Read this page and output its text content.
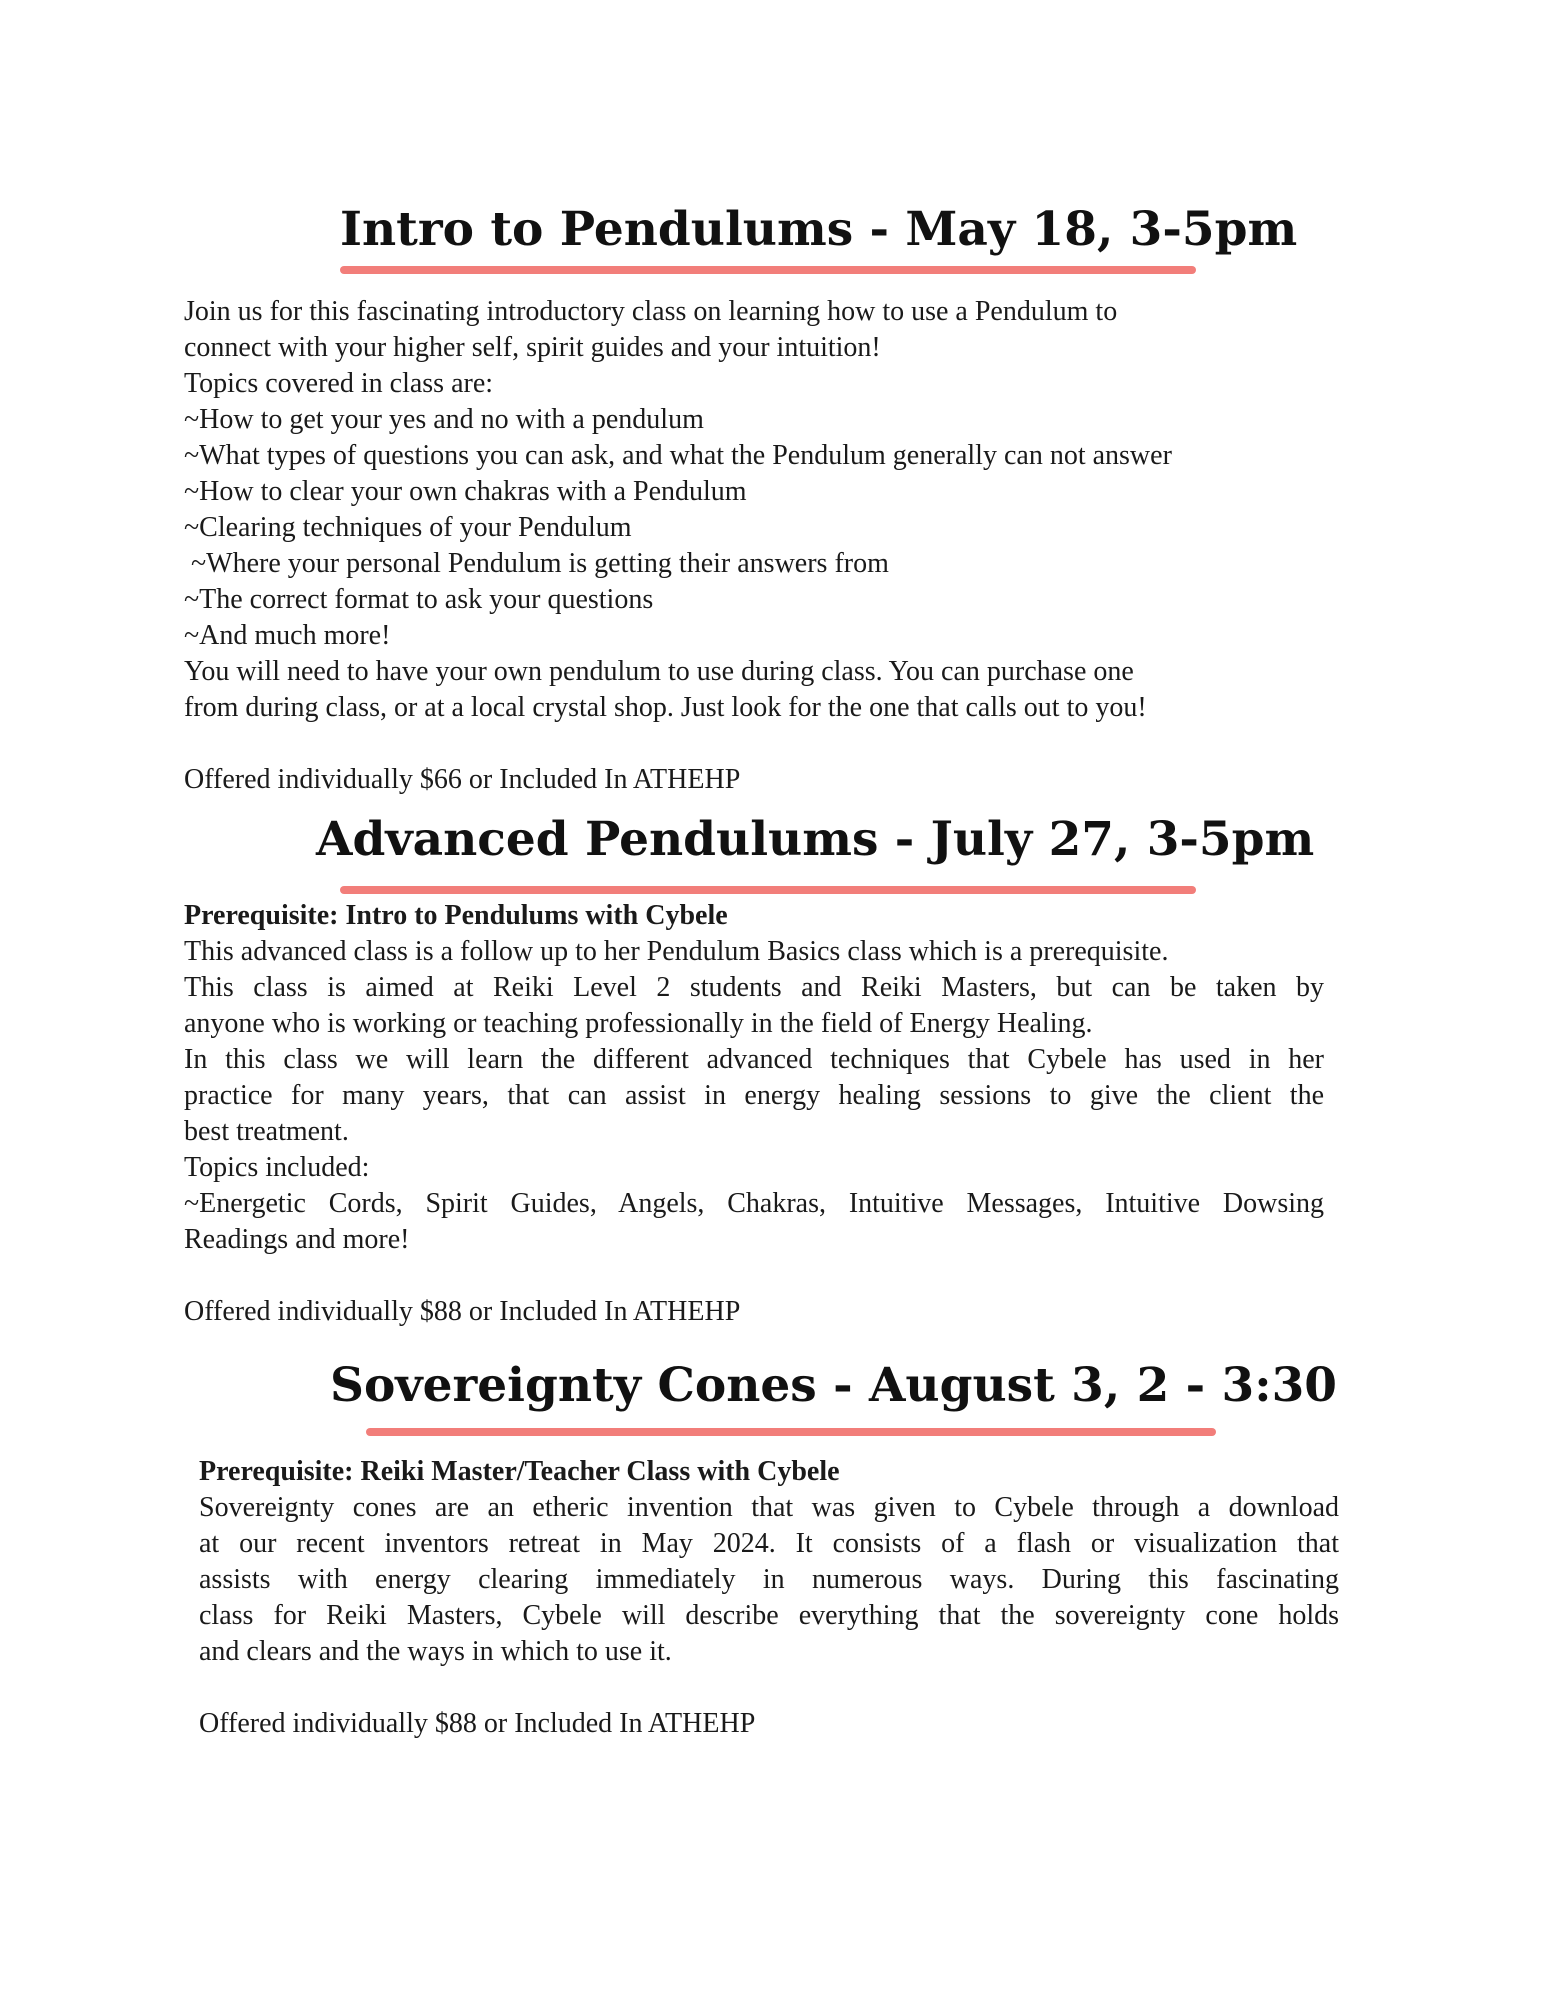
Intro to Pendulums - May 18, 3-5pm
Join us for this fascinating introductory class on learning how to use a Pendulum to
connect with your higher self, spirit guides and your intuition!
Topics covered in class are:
~How to get your yes and no with a pendulum
~What types of questions you can ask, and what the Pendulum generally can not answer
~How to clear your own chakras with a Pendulum
~Clearing techniques of your Pendulum
~Where your personal Pendulum is getting their answers from
~The correct format to ask your questions
~And much more!
You will need to have your own pendulum to use during class. You can purchase one
from during class, or at a local crystal shop. Just look for the one that calls out to you!
Offered individually $66 or Included In ATHEHP
Advanced Pendulums - July 27, 3-5pm
Prerequisite: Intro to Pendulums with Cybele
This advanced class is a follow up to her Pendulum Basics class which is a prerequisite.
This class is aimed at Reiki Level 2 students and Reiki Masters, but can be taken by
anyone who is working or teaching professionally in the field of Energy Healing.
In this class we will learn the different advanced techniques that Cybele has used in her
practice for many years, that can assist in energy healing sessions to give the client the
best treatment.
Topics included:
~Energetic Cords, Spirit Guides, Angels, Chakras, Intuitive Messages, Intuitive Dowsing
Readings and more!
Offered individually $88 or Included In ATHEHP
Sovereignty Cones - August 3, 2 - 3:30
Prerequisite: Reiki Master/Teacher Class with Cybele
Sovereignty cones are an etheric invention that was given to Cybele through a download
at our recent inventors retreat in May 2024. It consists of a flash or visualization that
assists with energy clearing immediately in numerous ways. During this fascinating
class for Reiki Masters, Cybele will describe everything that the sovereignty cone holds
and clears and the ways in which to use it.
Offered individually $88 or Included In ATHEHP
